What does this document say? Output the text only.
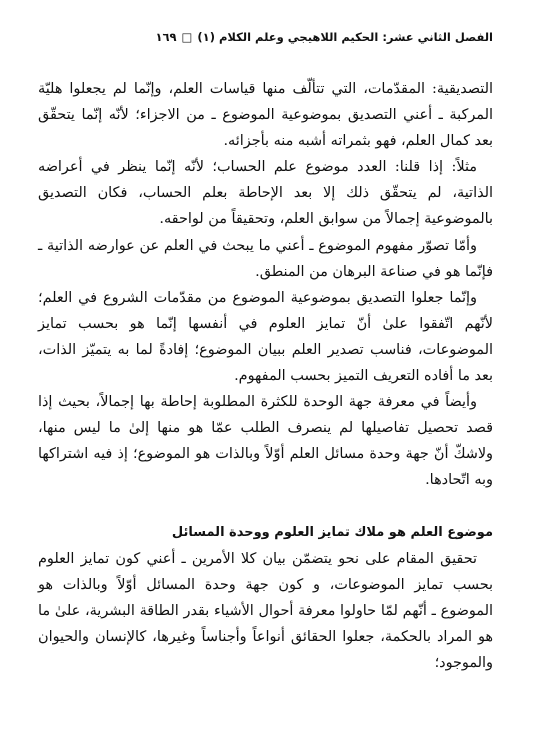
الفصل الثاني عشر: الحكيم اللاهيجي وعلم الكلام (١)
□
١٦٩

التصديقية: المقدّمات، التي تتألّف منها قياسات العلم، وإنّما لم يجعلوا هليّة المركبة ـ أعني التصديق بموضوعية الموضوع ـ من الاجزاء؛ لأنّه إنّما يتحقّق بعد كمال العلم، فهو بثمراته أشبه منه بأجزائه.

مثلاً: إذا قلنا: العدد موضوع علم الحساب؛ لأنّه إنّما ينظر في أعراضه الذاتية، لم يتحقّق ذلك إلا بعد الإحاطة بعلم الحساب، فكان التصديق بالموضوعية إجمالاً من سوابق العلم، وتحقيقاً من لواحقه.

وأمّا تصوّر مفهوم الموضوع ـ أعني ما يبحث في العلم عن عوارضه الذاتية ـ فإنّما هو في صناعة البرهان من المنطق.

وإنّما جعلوا التصديق بموضوعية الموضوع من مقدّمات الشروع في العلم؛ لأنّهم اتّفقوا علىٰ أنّ تمايز العلوم في أنفسها إنّما هو بحسب تمايز الموضوعات، فناسب تصدير العلم ببيان الموضوع؛ إفادةً لما به يتميّز الذات، بعد ما أفاده التعريف التميز بحسب المفهوم.

وأيضاً في معرفة جهة الوحدة للكثرة المطلوبة إحاطة بها إجمالاً، بحيث إذا قصد تحصيل تفاصيلها لم ينصرف الطلب عمّا هو منها إلىٰ ما ليس منها، ولاشكّ أنّ جهة وحدة مسائل العلم أوّلاً وبالذات هو الموضوع؛ إذ فيه اشتراكها وبه اتّحادها.

موضوع العلم هو ملاك تمايز العلوم ووحدة المسائل

تحقيق المقام على نحو يتضمّن بيان كلا الأمرين ـ أعني كون تمايز العلوم بحسب تمايز الموضوعات، و كون جهة وحدة المسائل أوّلاً وبالذات هو الموضوع ـ أنّهم لمّا حاولوا معرفة أحوال الأشياء بقدر الطاقة البشرية، علىٰ ما هو المراد بالحكمة، جعلوا الحقائق أنواعاً وأجناساً وغيرها، كالإنسان والحيوان والموجود؛
